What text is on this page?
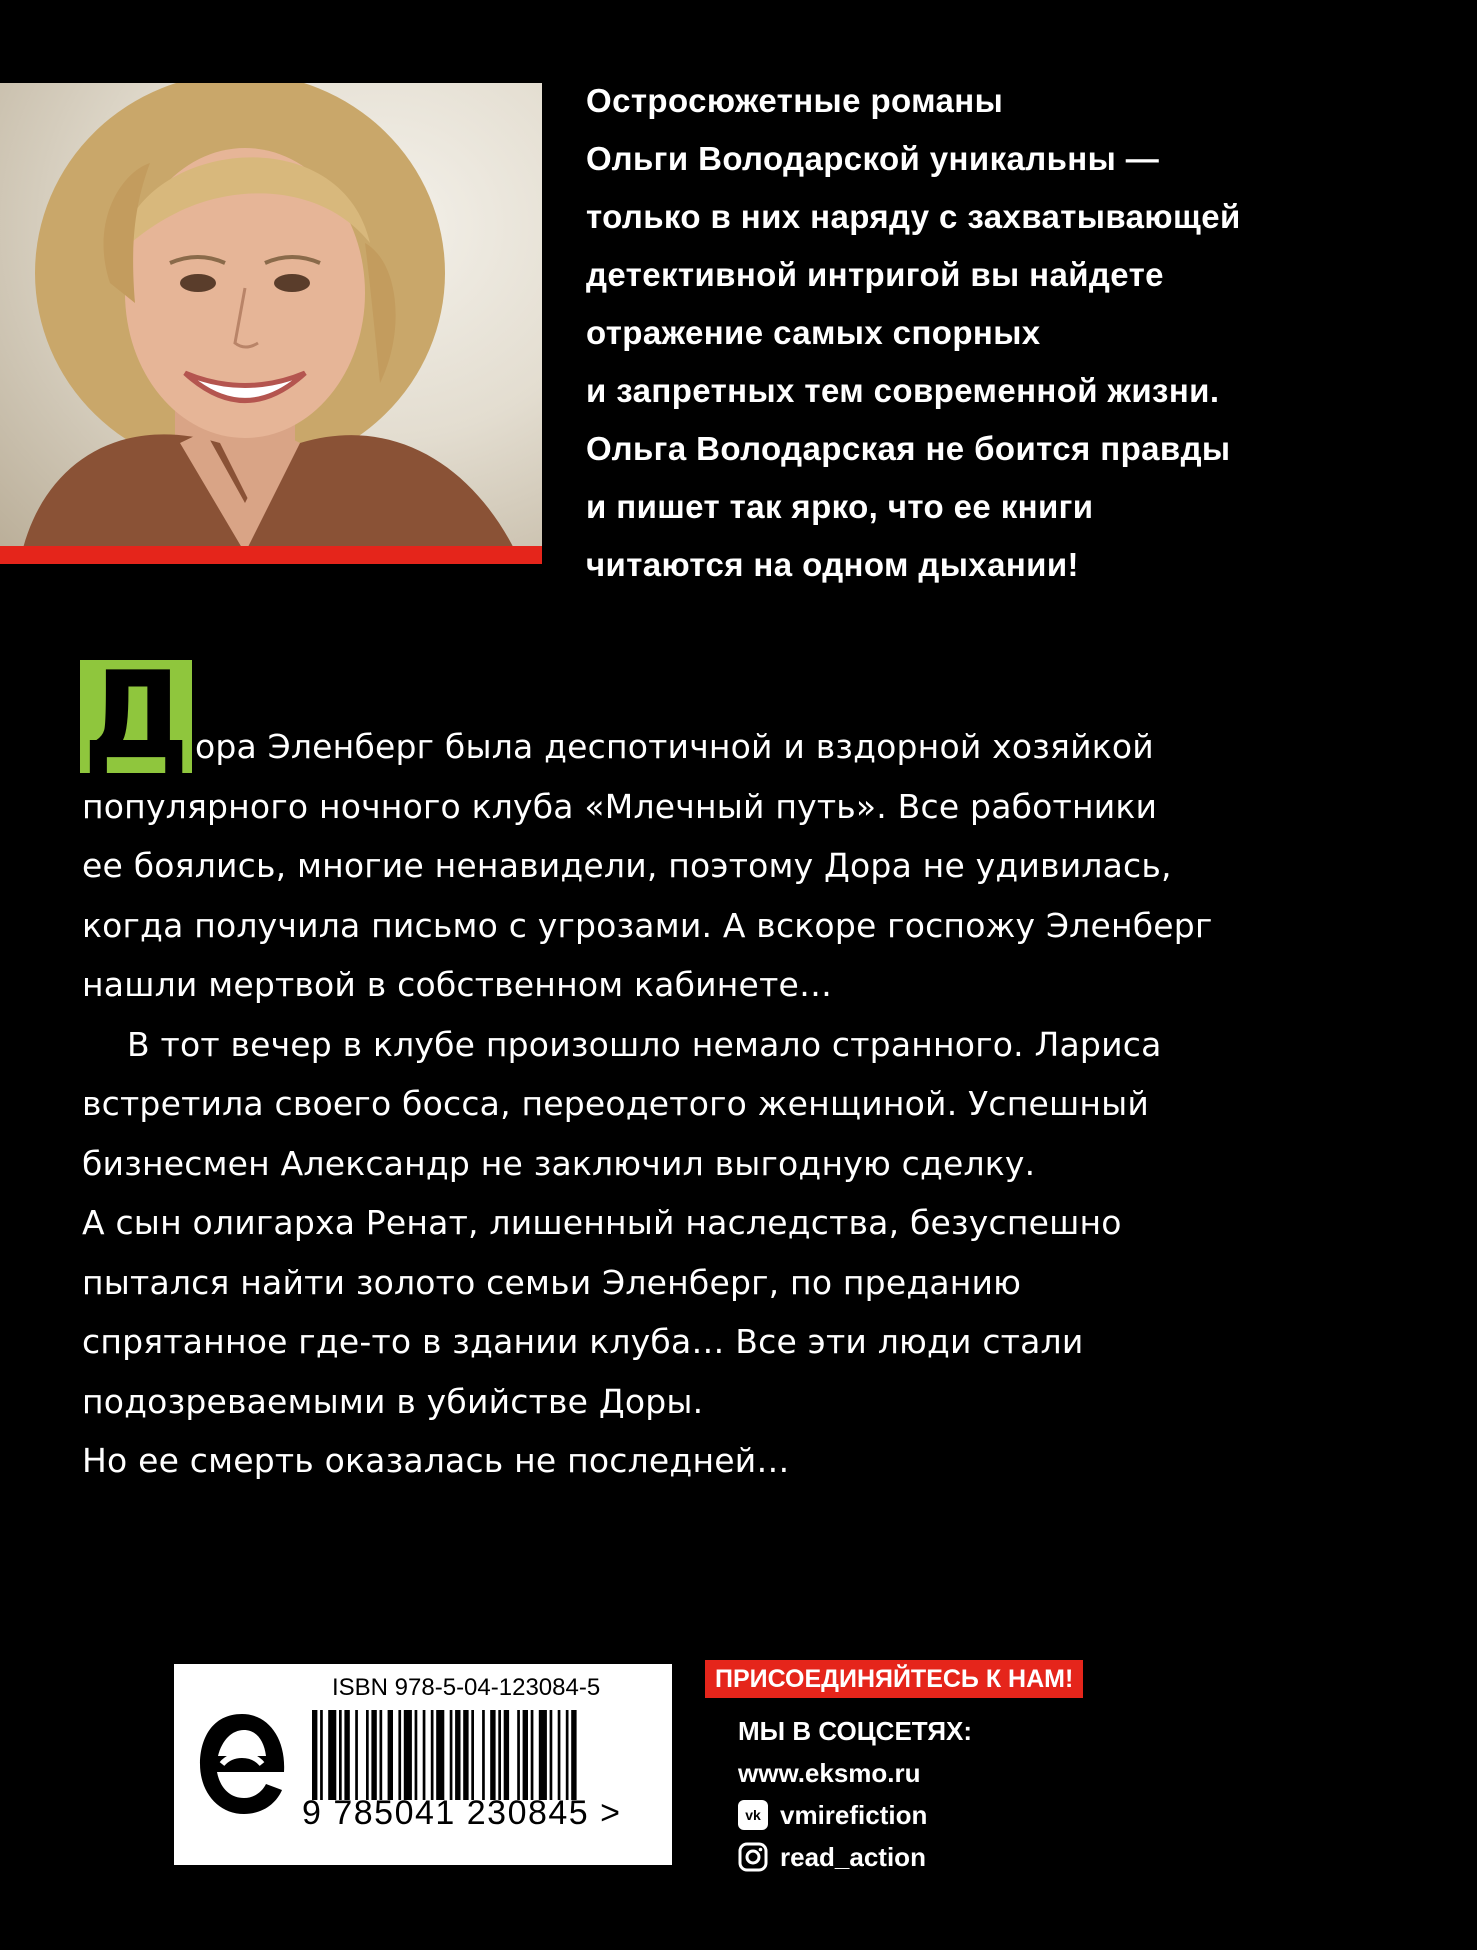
Остросюжетные романы
Ольги Володарской уникальны —
только в них наряду с захватывающей
детективной интригой вы найдете
отражение самых спорных
и запретных тем современной жизни.
Ольга Володарская не боится правды
и пишет так ярко, что ее книги
читаются на одном дыхании!
Д ора Эленберг была деспотичной и вздорной хозяйкой
популярного ночного клуба «Млечный путь». Все работники
ее боялись, многие ненавидели, поэтому Дора не удивилась,
когда получила письмо с угрозами. А вскоре госпожу Эленберг
нашли мертвой в собственном кабинете…
В тот вечер в клубе произошло немало странного. Лариса
встретила своего босса, переодетого женщиной. Успешный
бизнесмен Александр не заключил выгодную сделку.
А сын олигарха Ренат, лишенный наследства, безуспешно
пытался найти золото семьи Эленберг, по преданию
спрятанное где-то в здании клуба… Все эти люди стали
подозреваемыми в убийстве Доры.
Но ее смерть оказалась не последней…
ISBN 978-5-04-123084-5
9 785041 230845 >
ПРИСОЕДИНЯЙТЕСЬ К НАМ!
МЫ В СОЦСЕТЯХ:
www.eksmo.ru
vk vmirefiction
read_action
